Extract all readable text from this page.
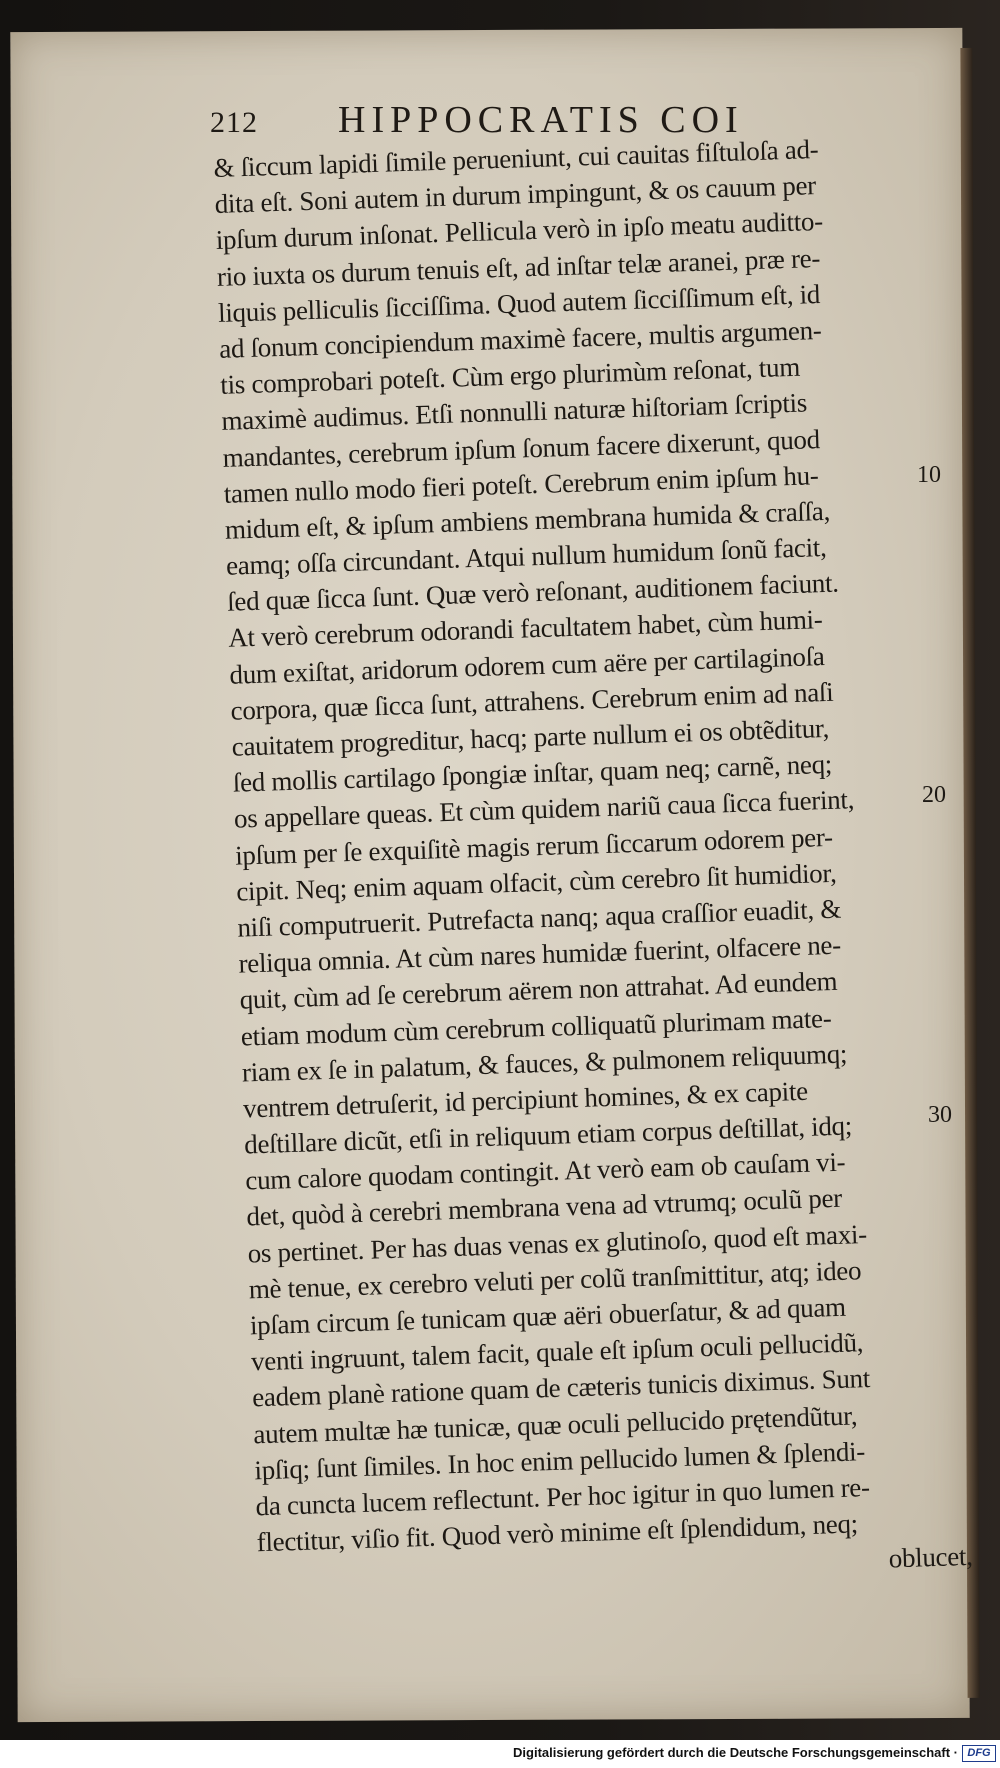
212 HIPPOCRATIS COI
& ſiccum lapidi ſimile perueniunt, cui cauitas fiſtuloſa ad-
dita eſt. Soni autem in durum impingunt, & os cauum per
ipſum durum inſonat. Pellicula verò in ipſo meatu auditto-
rio iuxta os durum tenuis eſt, ad inſtar telæ aranei, præ re-
liquis pelliculis ſicciſſima. Quod autem ſicciſſimum eſt, id
ad ſonum concipiendum maximè facere, multis argumen-
tis comprobari poteſt. Cùm ergo plurimùm reſonat, tum
maximè audimus. Etſi nonnulli naturæ hiſtoriam ſcriptis
mandantes, cerebrum ipſum ſonum facere dixerunt, quod
tamen nullo modo fieri poteſt. Cerebrum enim ipſum hu-
midum eſt, & ipſum ambiens membrana humida & craſſa,
eamq; oſſa circundant. Atqui nullum humidum ſonũ facit,
ſed quæ ſicca ſunt. Quæ verò reſonant, auditionem faciunt.
At verò cerebrum odorandi facultatem habet, cùm humi-
dum exiſtat, aridorum odorem cum aëre per cartilaginoſa
corpora, quæ ſicca ſunt, attrahens. Cerebrum enim ad naſi
cauitatem progreditur, hacq; parte nullum ei os obtẽditur,
ſed mollis cartilago ſpongiæ inſtar, quam neq; carnẽ, neq;
os appellare queas. Et cùm quidem nariũ caua ſicca fuerint,
ipſum per ſe exquiſitè magis rerum ſiccarum odorem per-
cipit. Neq; enim aquam olfacit, cùm cerebro ſit humidior,
niſi computruerit. Putrefacta nanq; aqua craſſior euadit, &
reliqua omnia. At cùm nares humidæ fuerint, olfacere ne-
quit, cùm ad ſe cerebrum aërem non attrahat. Ad eundem
etiam modum cùm cerebrum colliquatũ plurimam mate-
riam ex ſe in palatum, & fauces, & pulmonem reliquumq;
ventrem detruſerit, id percipiunt homines, & ex capite
deſtillare dicũt, etſi in reliquum etiam corpus deſtillat, idq;
cum calore quodam contingit. At verò eam ob cauſam vi-
det, quòd à cerebri membrana vena ad vtrumq; oculũ per
os pertinet. Per has duas venas ex glutinoſo, quod eſt maxi-
mè tenue, ex cerebro veluti per colũ tranſmittitur, atq; ideo
ipſam circum ſe tunicam quæ aëri obuerſatur, & ad quam
venti ingruunt, talem facit, quale eſt ipſum oculi pellucidũ,
eadem planè ratione quam de cæteris tunicis diximus. Sunt
autem multæ hæ tunicæ, quæ oculi pellucido prętendũtur,
ipſiq; ſunt ſimiles. In hoc enim pellucido lumen & ſplendi-
da cuncta lucem reflectunt. Per hoc igitur in quo lumen re-
flectitur, viſio fit. Quod verò minime eſt ſplendidum, neq;
oblucet,
10
20
30
Digitalisierung gefördert durch die Deutsche Forschungsgemeinschaft · DFG
